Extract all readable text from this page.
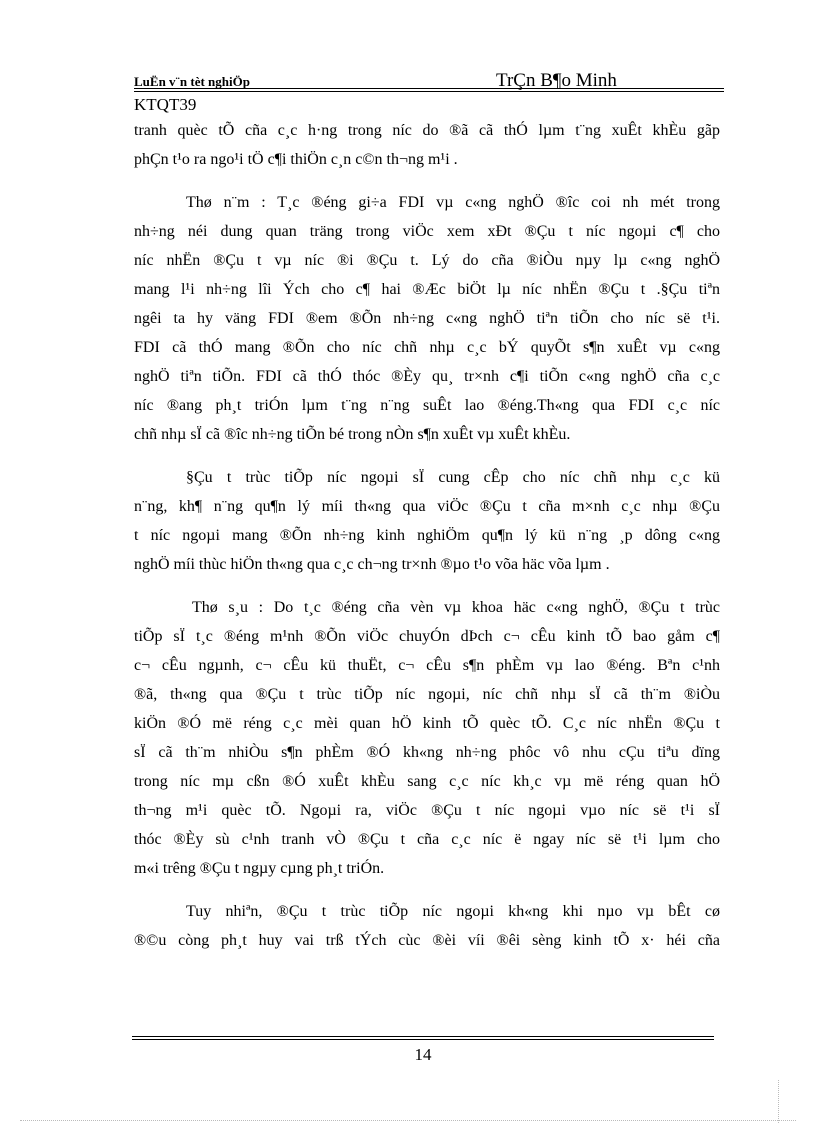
LuËn v¨n tèt nghiÖp	TrÇn B¶o Minh
KTQT39
tranh quèc tÕ cña c¸c h·ng trong níc do ®ã cã thÓ lµm t¨ng xuÊt khÈu gãp
phÇn t¹o ra ngo¹i tÖ c¶i thiÖn c¸n c©n th¬ng m¹i .
Thø n¨m : T¸c ®éng gi÷a FDI vµ c«ng nghÖ ®îc coi nh mét trong
nh÷ng néi dung quan träng trong viÖc xem xÐt ®Çu t níc ngoµi c¶ cho
níc nhËn ®Çu t vµ níc ®i ®Çu t. Lý do cña ®iÒu nµy lµ c«ng nghÖ
mang l¹i nh÷ng lîi Ých cho c¶ hai ®Æc biÖt lµ níc nhËn ®Çu t .§Çu tiªn
ngêi ta hy väng FDI ®em ®Õn nh÷ng c«ng nghÖ tiªn tiÕn cho níc së t¹i.
FDI cã thÓ mang ®Õn cho níc chñ nhµ c¸c bÝ quyÕt s¶n xuÊt vµ c«ng
nghÖ tiªn tiÕn. FDI cã thÓ thóc ®Èy qu¸ tr×nh c¶i tiÕn c«ng nghÖ cña c¸c
níc ®ang ph¸t triÓn lµm t¨ng n¨ng suÊt lao ®éng.Th«ng qua FDI c¸c níc
chñ nhµ sÏ cã ®îc nh÷ng tiÕn bé trong nÒn s¶n xuÊt vµ xuÊt khÈu.
§Çu t trùc tiÕp níc ngoµi sÏ cung cÊp cho níc chñ nhµ c¸c kü
n¨ng, kh¶ n¨ng qu¶n lý míi th«ng qua viÖc ®Çu t cña m×nh c¸c nhµ ®Çu
t níc ngoµi mang ®Õn nh÷ng kinh nghiÖm qu¶n lý kü n¨ng ¸p dông c«ng
nghÖ míi thùc hiÖn th«ng qua c¸c ch¬ng tr×nh ®µo t¹o võa häc võa lµm .
Thø s¸u : Do t¸c ®éng cña vèn vµ khoa häc c«ng nghÖ, ®Çu t trùc
tiÕp sÏ t¸c ®éng m¹nh ®Õn viÖc chuyÓn dÞch c¬ cÊu kinh tÕ bao gåm c¶
c¬ cÊu ngµnh, c¬ cÊu kü thuËt, c¬ cÊu s¶n phÈm vµ lao ®éng. Bªn c¹nh
®ã, th«ng qua ®Çu t trùc tiÕp níc ngoµi, níc chñ nhµ sÏ cã th¨m ®iÒu
kiÖn ®Ó më réng c¸c mèi quan hÖ kinh tÕ quèc tÕ. C¸c níc nhËn ®Çu t
sÏ cã th¨m nhiÒu s¶n phÈm ®Ó kh«ng nh÷ng phôc vô nhu cÇu tiªu dïng
trong níc mµ cßn ®Ó xuÊt khÈu sang c¸c níc kh¸c vµ më réng quan hÖ
th¬ng m¹i quèc tÕ. Ngoµi ra, viÖc ®Çu t níc ngoµi vµo níc së t¹i sÏ
thóc ®Èy sù c¹nh tranh vÒ ®Çu t cña c¸c níc ë ngay níc së t¹i lµm cho
m«i trêng ®Çu t ngµy cµng ph¸t triÓn.
Tuy nhiªn, ®Çu t trùc tiÕp níc ngoµi kh«ng khi nµo vµ bÊt cø
®©u còng ph¸t huy vai trß tÝch cùc ®èi víi ®êi sèng kinh tÕ x· héi cña
14
